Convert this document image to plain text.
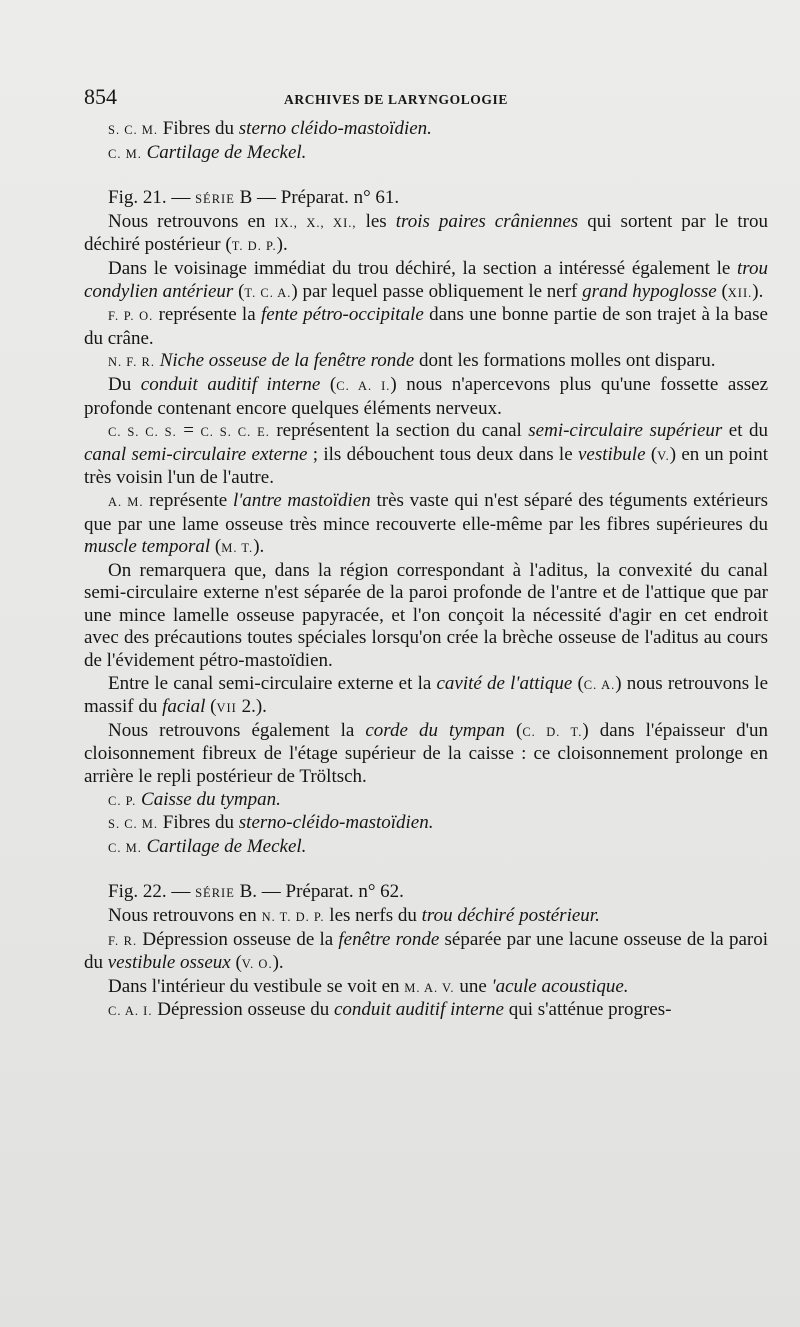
854	ARCHIVES DE LARYNGOLOGIE

S. C. M. Fibres du sterno cléido-mastoïdien.

C. M. Cartilage de Meckel.

Fig. 21. — SÉRIE B — Préparat. n° 61.

Nous retrouvons en IX., X., XI., les trois paires crâniennes qui sortent par le trou déchiré postérieur (T. D. P.).

Dans le voisinage immédiat du trou déchiré, la section a intéressé également le trou condylien antérieur (T. C. A.) par lequel passe obliquement le nerf grand hypoglosse (XII.).

F. P. O. représente la fente pétro-occipitale dans une bonne partie de son trajet à la base du crâne.

N. F. R. Niche osseuse de la fenêtre ronde dont les formations molles ont disparu.

Du conduit auditif interne (C. A. I.) nous n'apercevons plus qu'une fossette assez profonde contenant encore quelques éléments nerveux.

C. S. C. S. = C. S. C. E. représentent la section du canal semi-circulaire supérieur et du canal semi-circulaire externe ; ils débouchent tous deux dans le vestibule (V.) en un point très voisin l'un de l'autre.

A. M. représente l'antre mastoïdien très vaste qui n'est séparé des téguments extérieurs que par une lame osseuse très mince recouverte elle-même par les fibres supérieures du muscle temporal (M. T.).

On remarquera que, dans la région correspondant à l'aditus, la convexité du canal semi-circulaire externe n'est séparée de la paroi profonde de l'antre et de l'attique que par une mince lamelle osseuse papyracée, et l'on conçoit la nécessité d'agir en cet endroit avec des précautions toutes spéciales lorsqu'on crée la brèche osseuse de l'aditus au cours de l'évidement pétro-mastoïdien.

Entre le canal semi-circulaire externe et la cavité de l'attique (C. A.) nous retrouvons le massif du facial (VII 2.).

Nous retrouvons également la corde du tympan (C. D. T.) dans l'épaisseur d'un cloisonnement fibreux de l'étage supérieur de la caisse : ce cloisonnement prolonge en arrière le repli postérieur de Tröltsch.

C. P. Caisse du tympan.

S. C. M. Fibres du sterno-cléido-mastoïdien.

C. M. Cartilage de Meckel.

Fig. 22. — SÉRIE B. — Préparat. n° 62.

Nous retrouvons en N. T. D. P. les nerfs du trou déchiré postérieur.

F. R. Dépression osseuse de la fenêtre ronde séparée par une lacune osseuse de la paroi du vestibule osseux (V. O.).

Dans l'intérieur du vestibule se voit en M. A. V. une 'acule acoustique.

C. A. I. Dépression osseuse du conduit auditif interne qui s'atténue progres-
